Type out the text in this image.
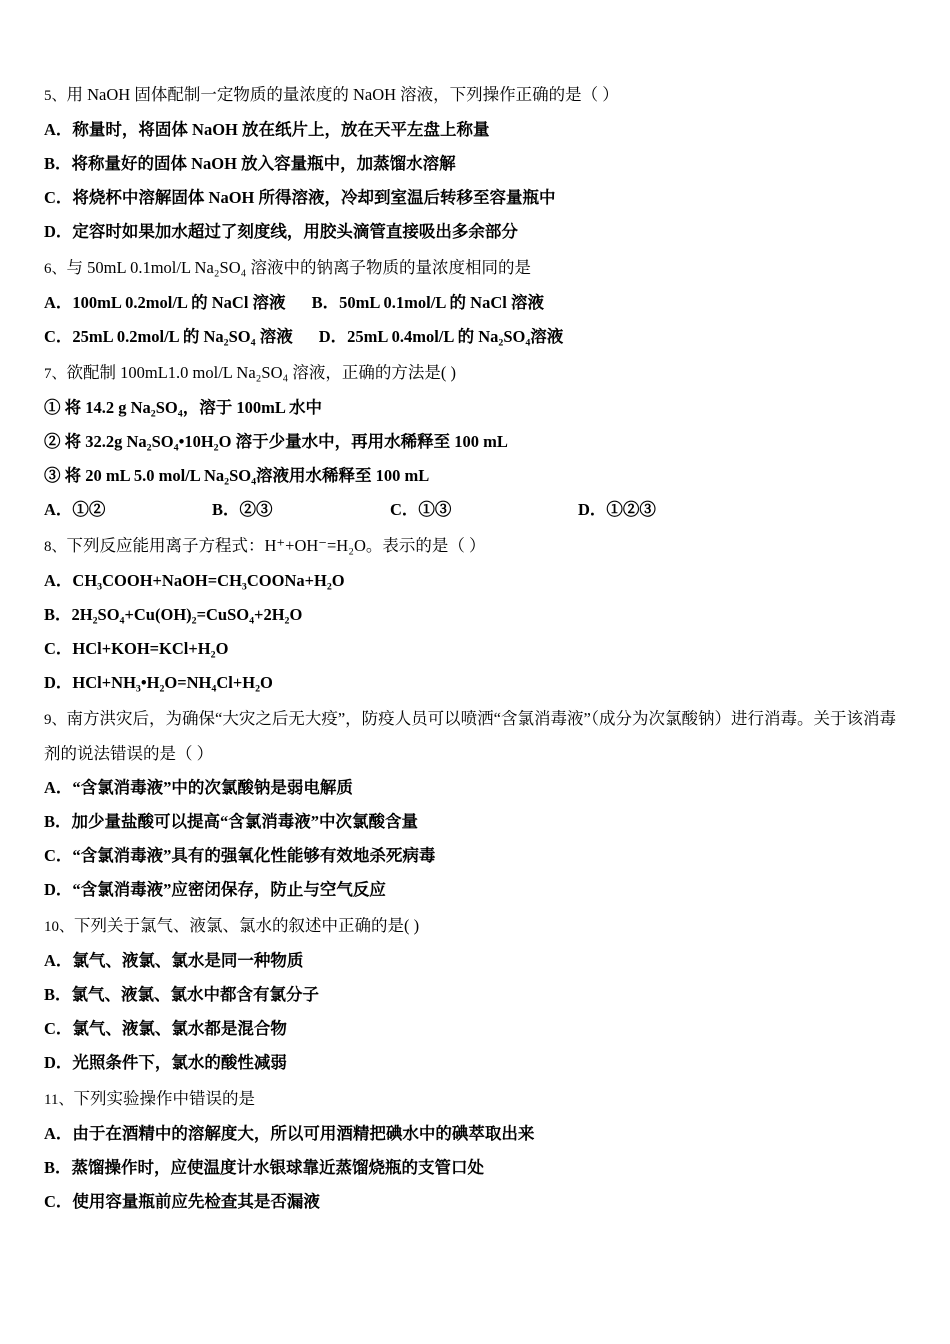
5、用 NaOH 固体配制一定物质的量浓度的 NaOH 溶液，下列操作正确的是（ ）
A．称量时，将固体 NaOH 放在纸片上，放在天平左盘上称量
B．将称量好的固体 NaOH 放入容量瓶中，加蒸馏水溶解
C．将烧杯中溶解固体 NaOH 所得溶液，冷却到室温后转移至容量瓶中
D．定容时如果加水超过了刻度线，用胶头滴管直接吸出多余部分
6、与 50mL 0.1mol/L Na₂SO₄ 溶液中的钠离子物质的量浓度相同的是
A．100mL 0.2mol/L 的 NaCl 溶液 B．50mL 0.1mol/L 的 NaCl 溶液
C．25mL 0.2mol/L 的 Na₂SO₄ 溶液 D．25mL 0.4mol/L 的 Na₂SO₄溶液
7、欲配制 100mL1.0 mol/L Na₂SO₄ 溶液，正确的方法是( )
① 将 14.2 g Na₂SO₄，溶于 100mL 水中
② 将 32.2g Na₂SO₄•10H₂O 溶于少量水中，再用水稀释至 100 mL
③ 将 20 mL 5.0 mol/L Na₂SO₄溶液用水稀释至 100 mL
A．①②	B．②③	C．①③	D．①②③
8、下列反应能用离子方程式：H⁺+OH⁻=H₂O。表示的是（ ）
A．CH₃COOH+NaOH=CH₃COONa+H₂O
B．2H₂SO₄+Cu(OH)₂=CuSO₄+2H₂O
C．HCl+KOH=KCl+H₂O
D．HCl+NH₃•H₂O=NH₄Cl+H₂O
9、南方洪灾后，为确保“大灾之后无大疫”，防疫人员可以喷洒“含氯消毒液”（成分为次氯酸钠）进行消毒。关于该消毒剂的说法错误的是（ ）
A．“含氯消毒液”中的次氯酸钠是弱电解质
B．加少量盐酸可以提高“含氯消毒液”中次氯酸含量
C．“含氯消毒液”具有的强氧化性能够有效地杀死病毒
D．“含氯消毒液”应密闭保存，防止与空气反应
10、下列关于氯气、液氯、氯水的叙述中正确的是( )
A．氯气、液氯、氯水是同一种物质
B．氯气、液氯、氯水中都含有氯分子
C．氯气、液氯、氯水都是混合物
D．光照条件下，氯水的酸性减弱
11、下列实验操作中错误的是
A．由于在酒精中的溶解度大，所以可用酒精把碘水中的碘萃取出来
B．蒸馏操作时，应使温度计水银球靠近蒸馏烧瓶的支管口处
C．使用容量瓶前应先检查其是否漏液
